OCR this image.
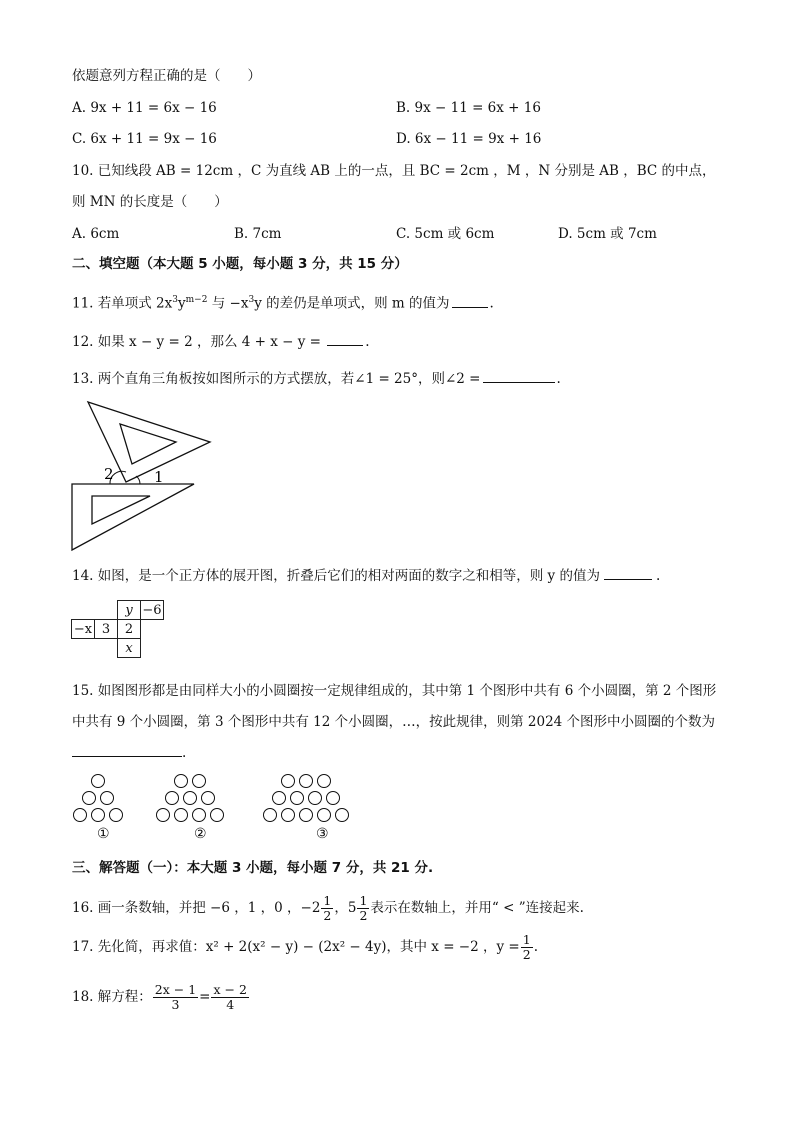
依题意列方程正确的是（　　）
A. 9x + 11 = 6x − 16	B. 9x − 11 = 6x + 16
C. 6x + 11 = 9x − 16	D. 6x − 11 = 9x + 16
10. 已知线段 AB = 12cm ，C 为直线 AB 上的一点，且 BC = 2cm ，M ，N 分别是 AB ，BC 的中点，
则 MN 的长度是（　　）
A. 6cm	B. 7cm	C. 5cm 或 6cm	D. 5cm 或 7cm
二、填空题（本大题 5 小题，每小题 3 分，共 15 分）
11. 若单项式 $2x^3y^{m-2}$ 与 $-x^3y$ 的差仍是单项式，则 m 的值为	.
12. 如果 x − y = 2 ，那么 4 + x − y =	.
13. 两个直角三角板按如图所示的方式摆放，若∠1 = 25°，则∠2 =	.
2	1
14. 如图，是一个正方体的展开图，折叠后它们的相对两面的数字之和相等，则 y 的值为	.
		y	−6
−x	3	2	
		x	
15. 如图图形都是由同样大小的小圆圈按一定规律组成的，其中第 1 个图形中共有 6 个小圆圈，第 2 个图形
中共有 9 个小圆圈，第 3 个图形中共有 12 个小圆圈，…，按此规律，则第 2024 个图形中小圆圈的个数为
.
①	②	③
三、解答题（一）：本大题 3 小题，每小题 7 分，共 21 分.
16. 画一条数轴，并把 −6 ，1 ，0 ，$-2 \frac{1}{2}$ ，$5 \frac{1}{2}$ 表示在数轴上，并用“ < ”连接起来.
17. 先化简，再求值：x² + 2(x² − y) − (2x² − 4y)，其中 x = −2 ，$y = \frac{1}{2}$ .
18. 解方程： $\frac{2x - 1}{3} = \frac{x - 2}{4}$
